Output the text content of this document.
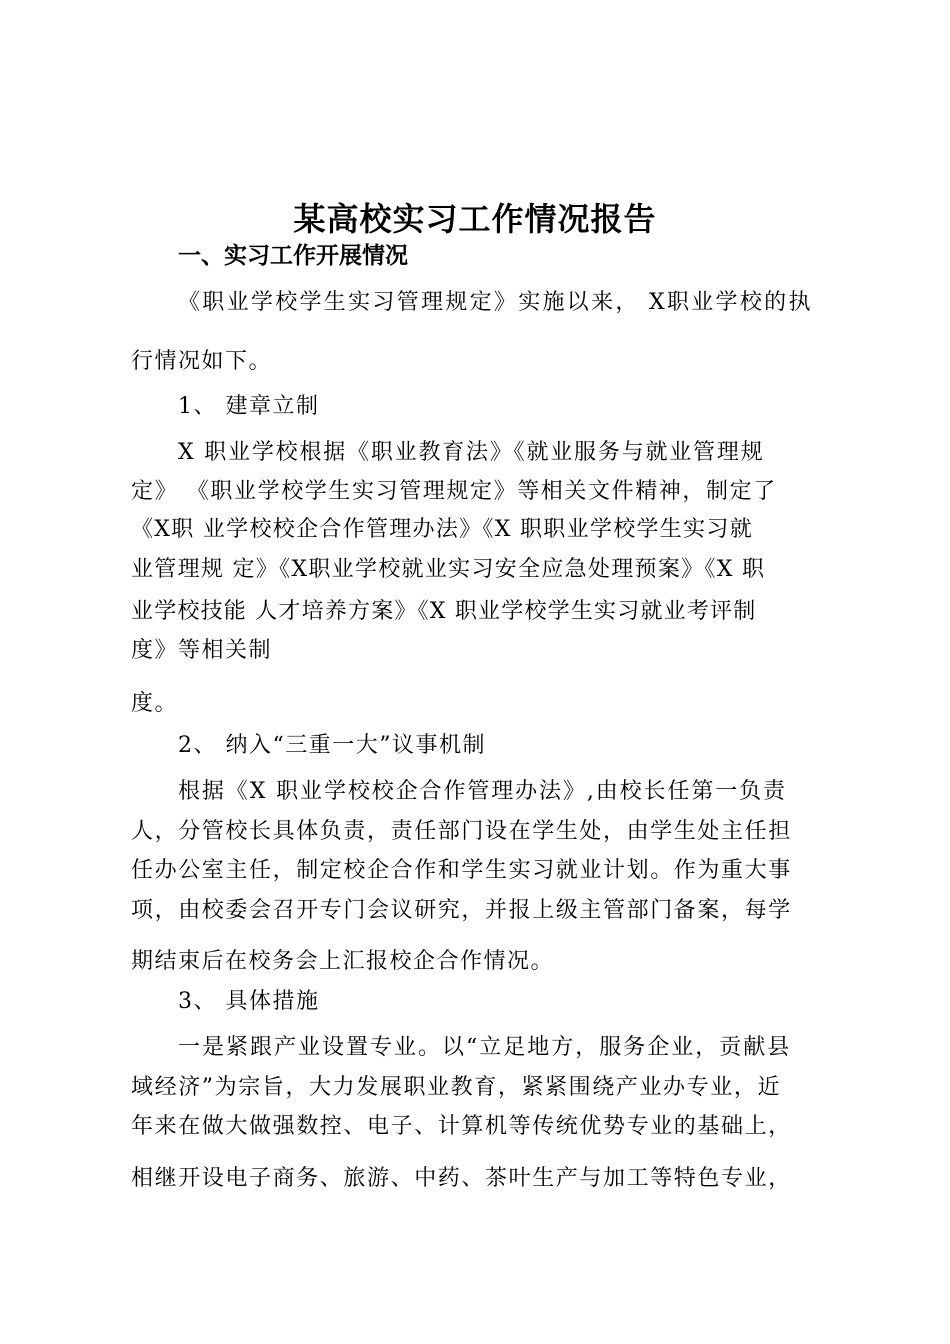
某高校实习工作情况报告
一、实习工作开展情况
《职业学校学生实习管理规定》实施以来， X职业学校的执
行情况如下。
1、 建章立制
X 职业学校根据《职业教育法》《就业服务与就业管理规
定》 《职业学校学生实习管理规定》等相关文件精神，制定了
《X职 业学校校企合作管理办法》《X 职职业学校学生实习就
业管理规 定》《X职业学校就业实习安全应急处理预案》《X 职
业学校技能 人才培养方案》《X 职业学校学生实习就业考评制
度》等相关制
度。
2、 纳入“三重一大”议事机制
根据《X 职业学校校企合作管理办法》,由校长任第一负责
人，分管校长具体负责，责任部门设在学生处，由学生处主任担
任办公室主任，制定校企合作和学生实习就业计划。作为重大事
项，由校委会召开专门会议研究，并报上级主管部门备案，每学
期结束后在校务会上汇报校企合作情况。
3、 具体措施
一是紧跟产业设置专业。以“立足地方，服务企业，贡献县
域经济”为宗旨，大力发展职业教育，紧紧围绕产业办专业，近
年来在做大做强数控、电子、计算机等传统优势专业的基础上，
相继开设电子商务、旅游、中药、茶叶生产与加工等特色专业，
